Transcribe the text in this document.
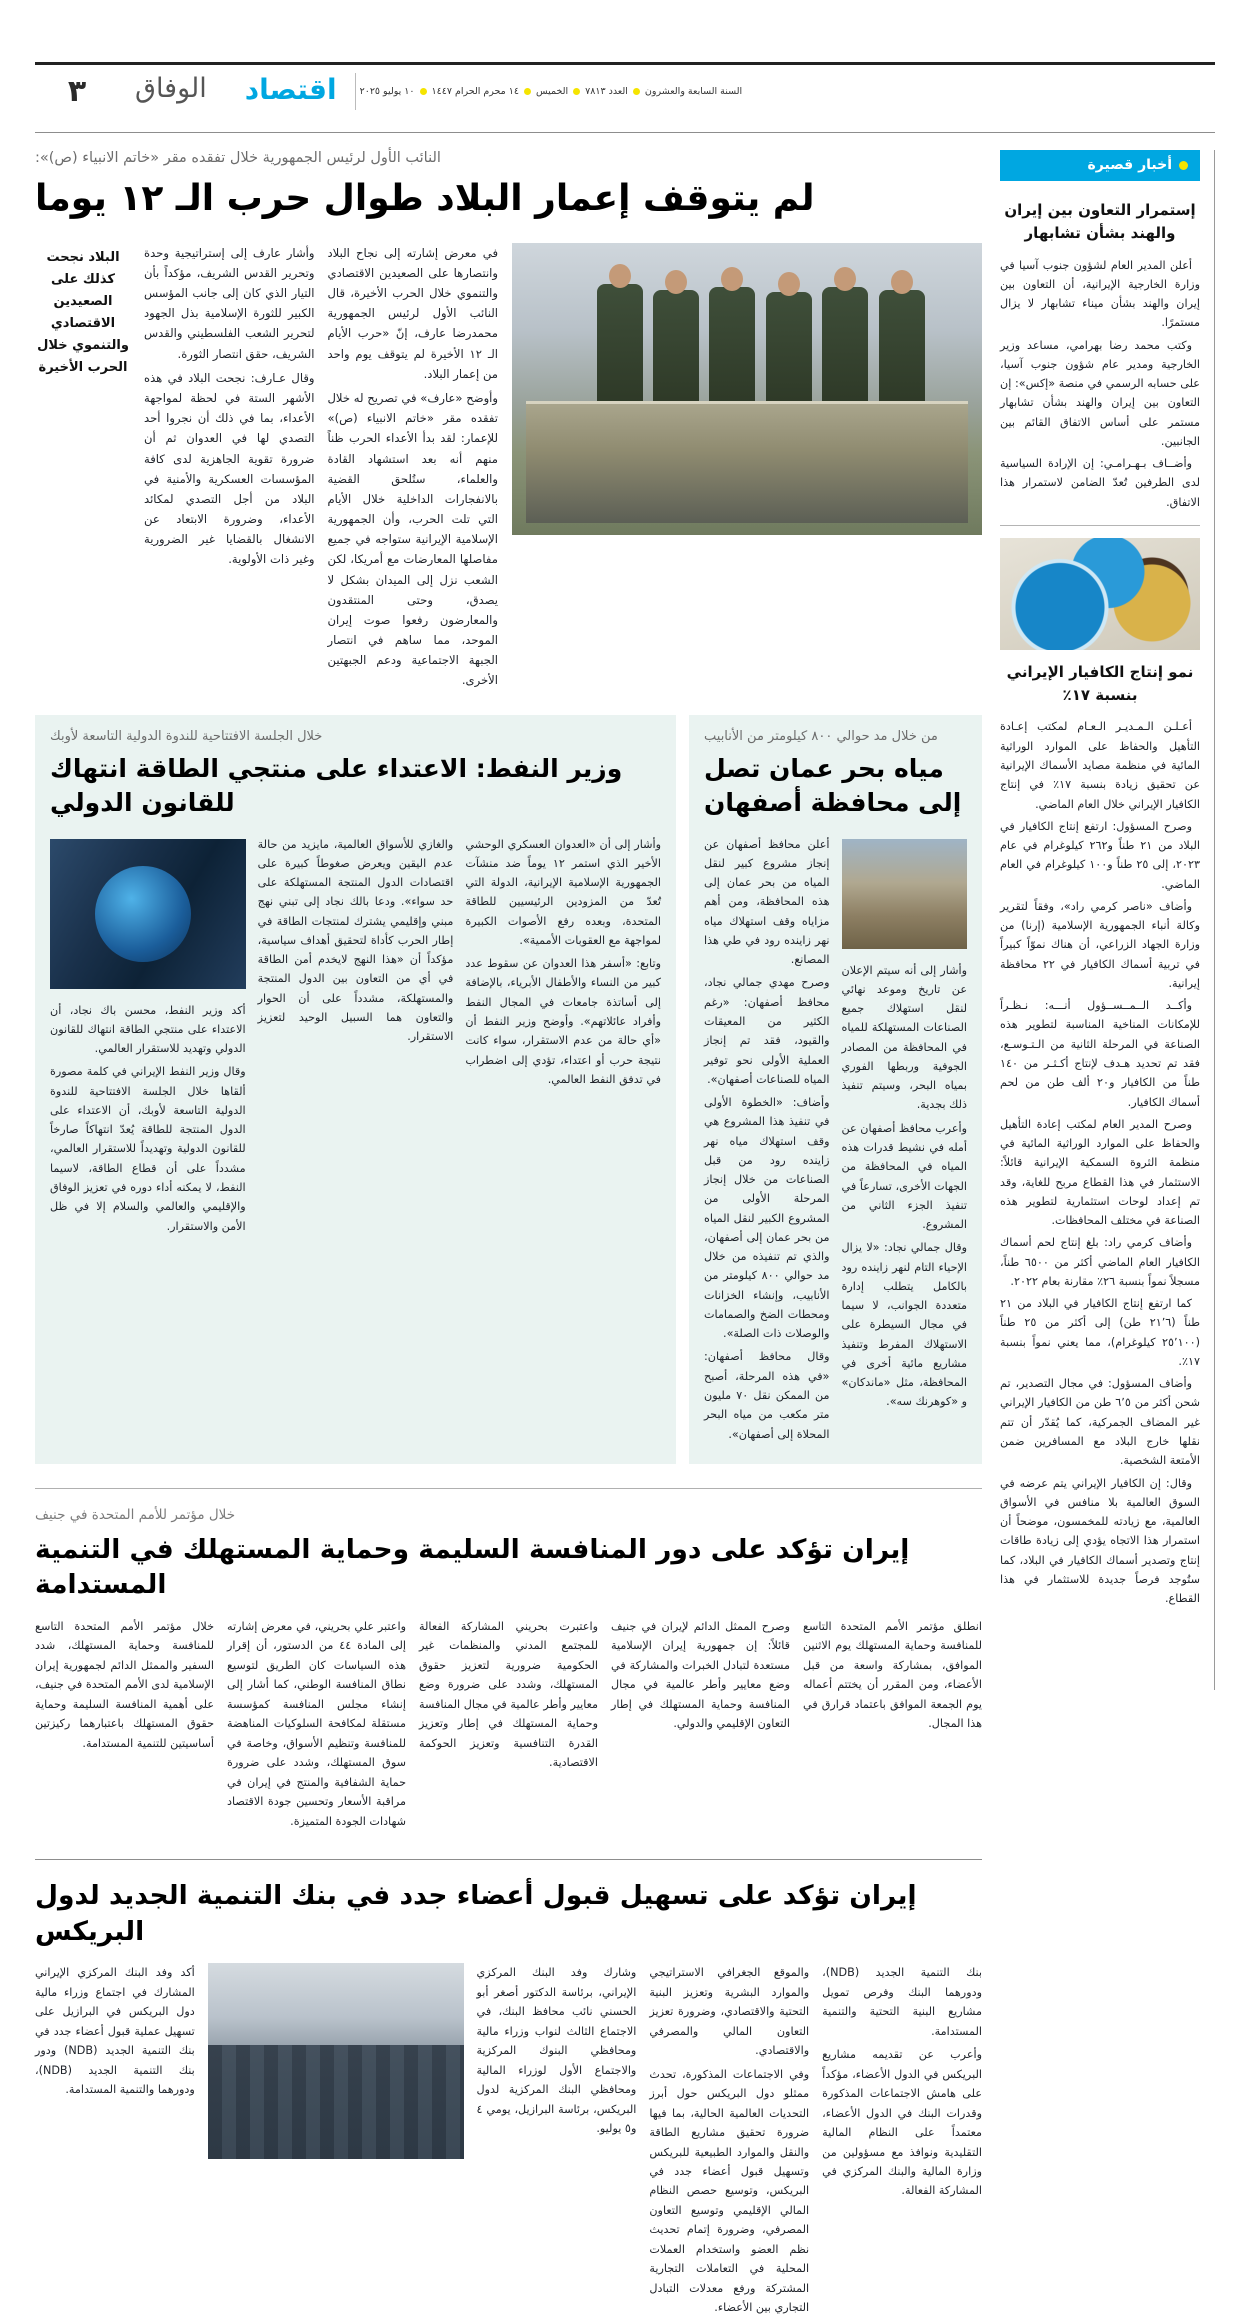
اقتصاد
الوفاق
٣	السنة السابعة والعشرون
العدد ٧٨١٣
الخميس
١٤ محرم الحرام ١٤٤٧
١٠ يوليو ٢٠٢٥
أخبار قصيرة
إستمرار التعاون بين إيران والهند بشأن تشابهار

أعلن المدير العام لشؤون جنوب آسيا في وزارة الخارجية الإيرانية، أن التعاون بين إيران والهند بشأن ميناء تشابهار لا يزال مستمرًا.

وكتب محمد رضا بهرامي، مساعد وزير الخارجية ومدير عام شؤون جنوب آسيا، على حسابه الرسمي في منصة «إكس»: إن التعاون بين إيران والهند بشأن تشابهار مستمر على أساس الاتفاق القائم بين الجانبين.

وأضــاف بـهـرامـي: إن الإرادة السياسية لدى الطرفين تُعدّ الضامن لاستمرار هذا الاتفاق.

نمو إنتاج الكافيار الإيراني بنسبة ١٧٪

أعـلـن الـمـديـر الـعـام لمكتب إعـادة التأهيل والحفاظ على الموارد الوراثية المائية في منظمة مصايد الأسماك الإيرانية عن تحقيق زيادة بنسبة ١٧٪ في إنتاج الكافيار الإيراني خلال العام الماضي.

وصرح المسؤول: ارتفع إنتاج الكافيار في البلاد من ٢١ طناً و٢٦٢ كيلوغرام في عام ٢٠٢٣، إلى ٢٥ طناً و١٠٠ كيلوغرام في العام الماضي.

وأضاف «ناصر كرمي راد»، وفقاً لتقرير وكالة أنباء الجمهورية الإسلامية (إرنا) من وزارة الجهاد الزراعي، أن هناك نموّاً كبيراً في تربية أسماك الكافيار في ٢٢ محافظة إيرانية.

وأكــد الــمــســؤول أنـــه: نـظـراً للإمكانات المناخية المناسبة لتطوير هذه الصناعة في المرحلة الثانية من الـتـوسـع، فقد تم تحديد هـدف لإنتاج أكـثـر من ١٤٠ طناً من الكافيار و٢٠ ألف طن من لحم أسماك الكافيار.

وصرح المدير العام لمكتب إعادة التأهيل والحفاظ على الموارد الوراثية المائية في منظمة الثروة السمكية الإيرانية قائلاً: الاستثمار في هذا القطاع مربح للغاية، وقد تم إعداد لوحات استثمارية لتطوير هذه الصناعة في مختلف المحافظات.

وأضاف كرمي راد: بلغ إنتاج لحم أسماك الكافيار العام الماضي أكثر من ٦٥٠٠ طناً، مسجلاً نمواً بنسبة ٢٦٪ مقارنة بعام ٢٠٢٢.

كما ارتفع إنتاج الكافيار في البلاد من ٢١ طناً (٢١٬٦ طن) إلى أكثر من ٢٥ طناً (٢٥٬١٠٠ كيلوغرام)، مما يعني نمواً بنسبة ١٧٪.

وأضاف المسؤول: في مجال التصدير، تم شحن أكثر من ٦٬٥ طن من الكافيار الإيراني غير المضاف الجمركية، كما يُقدّر أن تتم نقلها خارج البلاد مع المسافرين ضمن الأمتعة الشخصية.

وقال: إن الكافيار الإيراني يتم عرضه في السوق العالمية بلا منافس في الأسواق العالمية، مع زيادته للمخمسون، موضحاً أن استمرار هذا الاتجاه يؤدي إلى زيادة طاقات إنتاج وتصدير أسماك الكافيار في البلاد، كما ستُوجد فرصاً جديدة للاستثمار في هذا القطاع.

النائب الأول لرئيس الجمهورية خلال تفقده مقر «خاتم الانبياء (ص)»:

لم يتوقف إعمار البلاد طوال حرب الـ ١٢ يوما

في معرض إشارته إلى نجاح البلاد وانتصارها على الصعيدين الاقتصادي والتنموي خلال الحرب الأخيرة، قال النائب الأول لرئيس الجمهورية محمدرضا عارف، إنّ «حرب الأيام الـ ١٢ الأخيرة لم يتوقف يوم واحد من إعمار البلاد.

وأوضح «عارف» في تصريح له خلال تفقده مقر «خاتم الانبياء (ص)» للإعمار: لقد بدأ الأعداء الحرب ظناً منهم أنه بعد استشهاد القادة والعلماء، ستُلحق القضية بالانفجارات الداخلية خلال الأيام التي تلت الحرب، وأن الجمهورية الإسلامية الإيرانية ستواجه في جميع مفاصلها المعارضات مع أمريكا، لكن الشعب نزل إلى الميدان بشكل لا يصدق، وحتى المنتقدون والمعارضون رفعوا صوت إيران الموحد، مما ساهم في انتصار الجبهة الاجتماعية ودعم الجبهتين الأخرى.

وأشار عارف إلى إستراتيجية وحدة وتحرير القدس الشريف، مؤكداً بأن التيار الذي كان إلى جانب المؤسس الكبير للثورة الإسلامية بذل الجهود لتحرير الشعب الفلسطيني والقدس الشريف، حقق انتصار الثورة.

وقال عـارف: نجحت البلاد في هذه الأشهر الستة في لحظة لمواجهة الأعداء، بما في ذلك أن نجروا أحد التصدي لها في العدوان ثم أن ضرورة تقوية الجاهزية لدى كافة المؤسسات العسكرية والأمنية في البلاد من أجل التصدي لمكائد الأعداء، وضرورة الابتعاد عن الانشغال بالقضايا غير الضرورية وغير ذات الأولوية.

البلاد نجحت كذلك على الصعيدين الاقتصادي والتنموي خلال الحرب الأخيرة

من خلال مد حوالي ٨٠٠ كيلومتر من الأنابيب

مياه بحر عمان تصل إلى محافظة أصفهان

وأشار إلى أنه سيتم الإعلان عن تاريخ وموعد نهائي لنقل استهلاك جميع الصناعات المستهلكة للمياه في المحافظة من المصادر الجوفية وربطها الفوري بمياه البحر، وسيتم تنفيذ ذلك بجدية.

وأعرب محافظ أصفهان عن أمله في نشيط قدرات هذه المياه في المحافظة من الجهات الأخرى، تسارعاً في تنفيذ الجزء الثاني من المشروع.

وقال جمالي نجاد: «لا يزال الإحياء التام لنهر زاينده رود بالكامل يتطلب إدارة متعددة الجوانب، لا سيما في مجال السيطرة على الاستهلاك المفرط وتنفيذ مشاريع مائية أخرى في المحافظة، مثل «ماندكان» و «كوهرنك سه».

أعلن محافظ أصفهان عن إنجاز مشروع كبير لنقل المياه من بحر عمان إلى هذه المحافظة، ومن أهم مزاياه وقف استهلاك مياه نهر زاينده رود في طي هذا المصانع.

وصرح مهدي جمالي نجاد، محافظ أصفهان: «رغم الكثير من المعيقات والقيود، فقد تم إنجاز العملية الأولى نحو توفير المياه للصناعات أصفهان».

وأضاف: «الخطوة الأولى في تنفيذ هذا المشروع هي وقف استهلاك مياه نهر زاينده رود من قبل الصناعات من خلال إنجاز المرحلة الأولى من المشروع الكبير لنقل المياه من بحر عمان إلى أصفهان، والذي تم تنفيذه من خلال مد حوالي ٨٠٠ كيلومتر من الأنابيب، وإنشاء الخزانات ومحطات الضخ والصمامات والوصلات ذات الصلة».

وقال محافظ أصفهان: «في هذه المرحلة، أصبح من الممكن نقل ٧٠ مليون متر مكعب من مياه البحر المحلاة إلى أصفهان».

خلال الجلسة الافتتاحية للندوة الدولية التاسعة لأوبك

وزير النفط: الاعتداء على منتجي الطاقة انتهاك للقانون الدولي

وأشار إلى أن «العدوان العسكري الوحشي الأخير الذي استمر ١٢ يوماً ضد منشآت الجمهورية الإسلامية الإيرانية، الدولة التي تُعدّ من المزودين الرئيسيين للطاقة المتحدة، وبعده رفع الأصوات الكبيرة لمواجهة مع العقوبات الأممية».

وتابع: «أسفر هذا العدوان عن سقوط عدد كبير من النساء والأطفال الأبرياء، بالإضافة إلى أساتذة جامعات في المجال النفط وأفراد عائلاتهم». وأوضح وزير النفط أن «أي حالة من عدم الاستقرار، سواء كانت نتيجة حرب أو اعتداء، تؤدي إلى اضطراب في تدفق النفط العالمي.

والغازي للأسواق العالمية، مايزيد من حالة عدم اليقين ويعرض صغوطاً كبيرة على اقتصادات الدول المنتجة المستهلكة على حد سواء». ودعا بالك نجاد إلى تبني نهج مبني وإقليمي يشترك لمنتجات الطاقة في إطار الحرب كأداة لتحقيق أهداف سياسية، مؤكداً أن «هذا النهج لايخدم أمن الطاقة في أي من التعاون بين الدول المنتجة والمستهلكة، مشدداً على أن الحوار والتعاون هما السبيل الوحيد لتعزيز الاستقرار.

أكد وزير النفط، محسن باك نجاد، أن الاعتداء على منتجي الطاقة انتهاك للقانون الدولي وتهديد للاستقرار العالمي.

وقال وزير النفط الإيراني في كلمة مصورة ألقاها خلال الجلسة الافتتاحية للندوة الدولية التاسعة لأوبك، أن الاعتداء على الدول المنتجة للطاقة يُعدّ انتهاكاً صارخاً للقانون الدولية وتهديداً للاستقرار العالمي، مشدداً على أن قطاع الطاقة، لاسيما النفط، لا يمكنه أداء دوره في تعزيز الوفاق والإقليمي والعالمي والسلام إلا في ظل الأمن والاستقرار.

خلال مؤتمر للأمم المتحدة في جنيف

إيران تؤكد على دور المنافسة السليمة وحماية المستهلك في التنمية المستدامة

انطلق مؤتمر الأمم المتحدة التاسع للمنافسة وحماية المستهلك يوم الاثنين الموافق، بمشاركة واسعة من قبل الأعضاء، ومن المقرر أن يختتم أعماله يوم الجمعة الموافق باعتماد قرارق في هذا المجال.

وصرح الممثل الدائم لإيران في جنيف قائلاً: إن جمهورية إيران الإسلامية مستعدة لتبادل الخبرات والمشاركة في وضع معايير وأطر عالمية في مجال المنافسة وحماية المستهلك في إطار التعاون الإقليمي والدولي.

واعتبرت بحريني المشاركة الفعالة للمجتمع المدني والمنظمات غير الحكومية ضرورية لتعزيز حقوق المستهلك، وشدد على ضرورة وضع معايير وأطر عالمية في مجال المنافسة وحماية المستهلك في إطار وتعزيز القدرة التنافسية وتعزيز الحوكمة الاقتصادية.

واعتبر علي بحريني، في معرض إشارته إلى المادة ٤٤ من الدستور، أن إقرار هذه السياسات كان الطريق لتوسيع نطاق المنافسة الوطني، كما أشار إلى إنشاء مجلس المنافسة كمؤسسة مستقلة لمكافحة السلوكيات المناهضة للمنافسة وتنظيم الأسواق، وخاصة في سوق المستهلك، وشدد على ضرورة حماية الشفافية والمنتج في إيران في مراقبة الأسعار وتحسين جودة الاقتصاد شهادات الجودة المتميزة.

خلال مؤتمر الأمم المتحدة التاسع للمنافسة وحماية المستهلك، شدد السفير والممثل الدائم لجمهورية إيران الإسلامية لدى الأمم المتحدة في جنيف، على أهمية المنافسة السليمة وحماية حقوق المستهلك باعتبارهما ركيزتين أساسيتين للتنمية المستدامة.

إيران تؤكد على تسهيل قبول أعضاء جدد في بنك التنمية الجديد لدول البريكس

بنك التنمية الجديد (NDB)، ودورهما البنك وفرص تمويل مشاريع البنية التحتية والتنمية المستدامة.

وأعرب عن تقديمه مشاريع البريكس في الدول الأعضاء، مؤكداً على هامش الاجتماعات المذكورة وقدرات البنك في الدول الأعضاء، معتمداً على النظام المالية التقليدية ونوافذ مع مسؤولين من وزارة المالية والبنك المركزي في المشاركة الفعالة.

والموقع الجغرافي الاستراتيجي والموارد البشرية وتعزيز البنية التحتية والاقتصادي، وضرورة تعزيز التعاون المالي والمصرفي والاقتصادي.

وفي الاجتماعات المذكورة، تحدث ممثلو دول البريكس حول أبرز التحديات العالمية الحالية، بما فيها ضرورة تحقيق مشاريع الطاقة والنقل والموارد الطبيعية للبريكس وتسهيل قبول أعضاء جدد في البريكس، وتوسيع حصص النظام المالي الإقليمي وتوسيع التعاون المصرفي، وضرورة إتمام تحديث نظم العضو واستخدام العملات المحلية في التعاملات التجارية المشتركة ورفع معدلات التبادل التجاري بين الأعضاء.

وشارك وفد البنك المركزي الإيراني، برئاسة الدكتور أصغر أبو الحسني نائب محافظ البنك، في الاجتماع الثالث لنواب وزراء مالية ومحافظي البنوك المركزية والاجتماع الأول لوزراء المالية ومحافظي البنك المركزية لدول البريكس، برئاسة البرازيل، يومي ٤ و٥ يوليو.

أكد وفد البنك المركزي الإيراني المشارك في اجتماع وزراء مالية دول البريكس في البرازيل على تسهيل عملية قبول أعضاء جدد في بنك التنمية الجديد (NDB) ودور بنك التنمية الجديد (NDB)، ودورهما والتنمية المستدامة.
